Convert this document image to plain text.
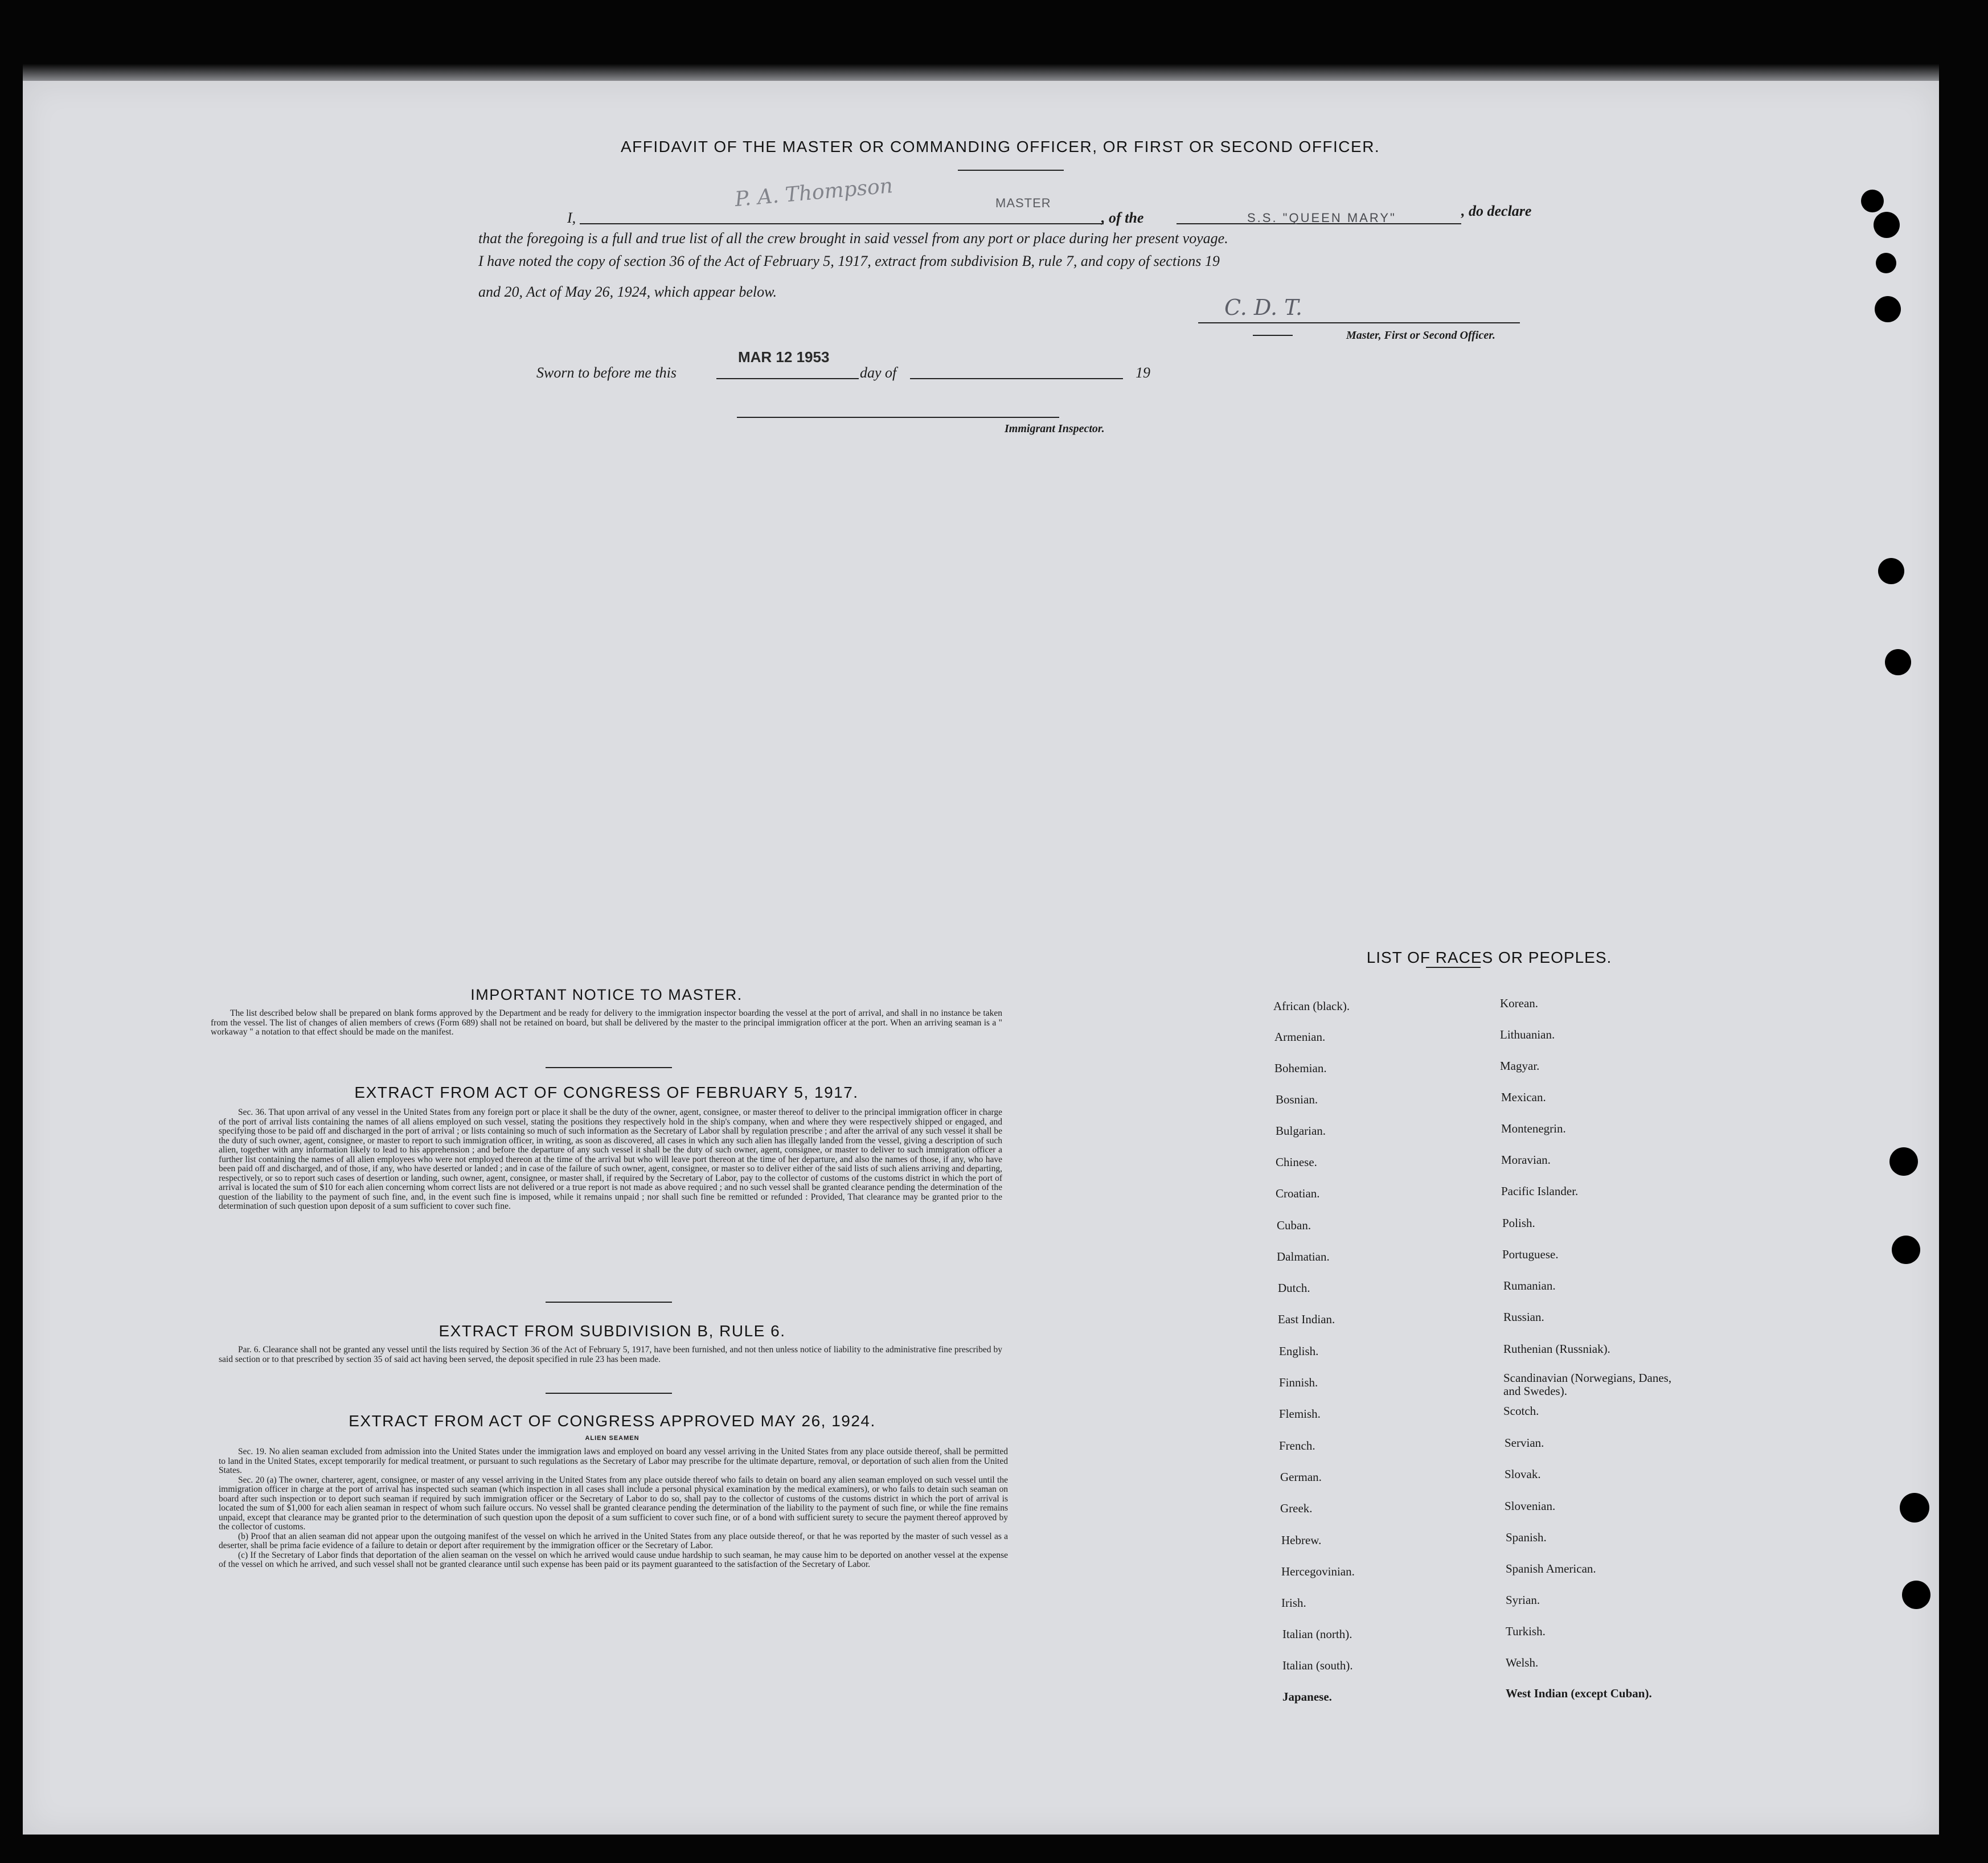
AFFIDAVIT OF THE MASTER OR COMMANDING OFFICER, OR FIRST OR SECOND OFFICER.
I,
P. A. Thompson	MASTER
, of the	S.S. "QUEEN MARY"	, do declare
that the foregoing is a full and true list of all the crew brought in said vessel from any port or place during her present voyage.
I have noted the copy of section 36 of the Act of February 5, 1917, extract from subdivision B, rule 7, and copy of sections 19
and 20, Act of May 26, 1924, which appear below.
C. D. T.
Master, First or Second Officer.
Sworn to before me this
MAR 12 1953
day of	19
Immigrant Inspector.
IMPORTANT NOTICE TO MASTER.

The list described below shall be prepared on blank forms approved by the Department and be ready for delivery to the immigration inspector boarding the vessel at the port of arrival, and shall in no instance be taken from the vessel. The list of changes of alien members of crews (Form 689) shall not be retained on board, but shall be delivered by the master to the principal immigration officer at the port. When an arriving seaman is a " workaway " a notation to that effect should be made on the manifest.

EXTRACT FROM ACT OF CONGRESS OF FEBRUARY 5, 1917.

Sec. 36. That upon arrival of any vessel in the United States from any foreign port or place it shall be the duty of the owner, agent, consignee, or master thereof to deliver to the principal immigration officer in charge of the port of arrival lists containing the names of all aliens employed on such vessel, stating the positions they respectively hold in the ship's company, when and where they were respectively shipped or engaged, and specifying those to be paid off and discharged in the port of arrival ; or lists containing so much of such information as the Secretary of Labor shall by regulation prescribe ; and after the arrival of any such vessel it shall be the duty of such owner, agent, consignee, or master to report to such immigration officer, in writing, as soon as discovered, all cases in which any such alien has illegally landed from the vessel, giving a description of such alien, together with any information likely to lead to his apprehension ; and before the departure of any such vessel it shall be the duty of such owner, agent, consignee, or master to deliver to such immigration officer a further list containing the names of all alien employees who were not employed thereon at the time of the arrival but who will leave port thereon at the time of her departure, and also the names of those, if any, who have been paid off and discharged, and of those, if any, who have deserted or landed ; and in case of the failure of such owner, agent, consignee, or master so to deliver either of the said lists of such aliens arriving and departing, respectively, or so to report such cases of desertion or landing, such owner, agent, consignee, or master shall, if required by the Secretary of Labor, pay to the collector of customs of the customs district in which the port of arrival is located the sum of $10 for each alien concerning whom correct lists are not delivered or a true report is not made as above required ; and no such vessel shall be granted clearance pending the determination of the question of the liability to the payment of such fine, and, in the event such fine is imposed, while it remains unpaid ; nor shall such fine be remitted or refunded : Provided, That clearance may be granted prior to the determination of such question upon deposit of a sum sufficient to cover such fine.

EXTRACT FROM SUBDIVISION B, RULE 6.

Par. 6. Clearance shall not be granted any vessel until the lists required by Section 36 of the Act of February 5, 1917, have been furnished, and not then unless notice of liability to the administrative fine prescribed by said section or to that prescribed by section 35 of said act having been served, the deposit specified in rule 23 has been made.

EXTRACT FROM ACT OF CONGRESS APPROVED MAY 26, 1924.
ALIEN SEAMEN

Sec. 19. No alien seaman excluded from admission into the United States under the immigration laws and employed on board any vessel arriving in the United States from any place outside thereof, shall be permitted to land in the United States, except temporarily for medical treatment, or pursuant to such regulations as the Secretary of Labor may prescribe for the ultimate departure, removal, or deportation of such alien from the United States.

Sec. 20 (a) The owner, charterer, agent, consignee, or master of any vessel arriving in the United States from any place outside thereof who fails to detain on board any alien seaman employed on such vessel until the immigration officer in charge at the port of arrival has inspected such seaman (which inspection in all cases shall include a personal physical examination by the medical examiners), or who fails to detain such seaman on board after such inspection or to deport such seaman if required by such immigration officer or the Secretary of Labor to do so, shall pay to the collector of customs of the customs district in which the port of arrival is located the sum of $1,000 for each alien seaman in respect of whom such failure occurs. No vessel shall be granted clearance pending the determination of the liability to the payment of such fine, or while the fine remains unpaid, except that clearance may be granted prior to the determination of such question upon the deposit of a sum sufficient to cover such fine, or of a bond with sufficient surety to secure the payment thereof approved by the collector of customs.

(b) Proof that an alien seaman did not appear upon the outgoing manifest of the vessel on which he arrived in the United States from any place outside thereof, or that he was reported by the master of such vessel as a deserter, shall be prima facie evidence of a failure to detain or deport after requirement by the immigration officer or the Secretary of Labor.

(c) If the Secretary of Labor finds that deportation of the alien seaman on the vessel on which he arrived would cause undue hardship to such seaman, he may cause him to be deported on another vessel at the expense of the vessel on which he arrived, and such vessel shall not be granted clearance until such expense has been paid or its payment guaranteed to the satisfaction of the Secretary of Labor.

LIST OF RACES OR PEOPLES.
African (black).
Armenian.
Bohemian.
Bosnian.
Bulgarian.
Chinese.
Croatian.
Cuban.
Dalmatian.
Dutch.
East Indian.
English.
Finnish.
Flemish.
French.
German.
Greek.
Hebrew.
Hercegovinian.
Irish.
Italian (north).
Italian (south).
Japanese.
Korean.
Lithuanian.
Magyar.
Mexican.
Montenegrin.
Moravian.
Pacific Islander.
Polish.
Portuguese.
Rumanian.
Russian.
Ruthenian (Russniak).
Scandinavian (Norwegians, Danes, and Swedes).
Scotch.
Servian.
Slovak.
Slovenian.
Spanish.
Spanish American.
Syrian.
Turkish.
Welsh.
West Indian (except Cuban).
